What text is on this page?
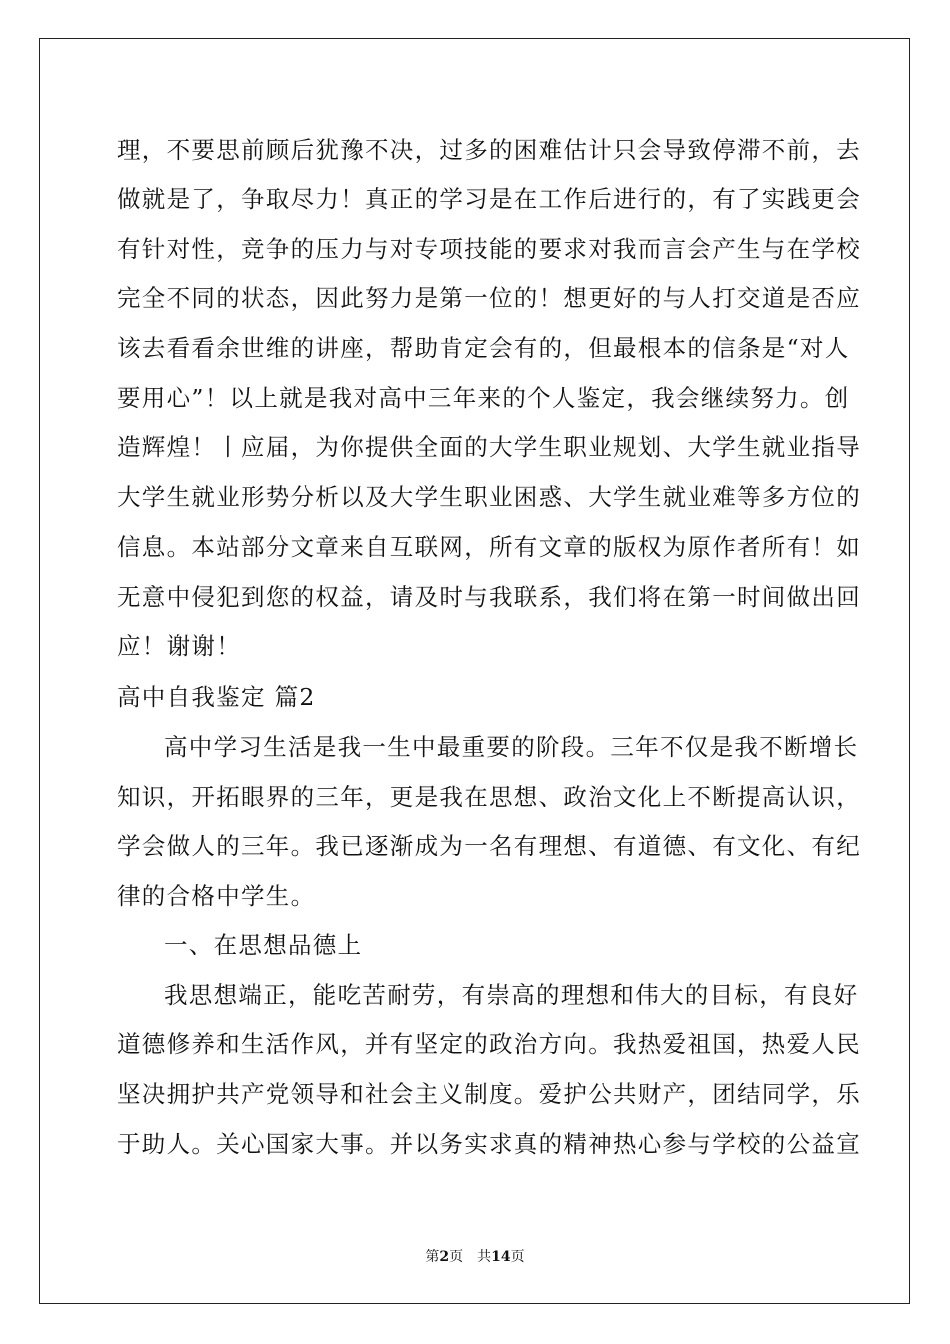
理，不要思前顾后犹豫不决，过多的困难估计只会导致停滞不前，去
做就是了，争取尽力！真正的学习是在工作后进行的，有了实践更会
有针对性，竞争的压力与对专项技能的要求对我而言会产生与在学校
完全不同的状态，因此努力是第一位的！想更好的与人打交道是否应
该去看看余世维的讲座，帮助肯定会有的，但最根本的信条是“对人
要用心”！以上就是我对高中三年来的个人鉴定，我会继续努力。创
造辉煌！丨应届，为你提供全面的大学生职业规划、大学生就业指导
大学生就业形势分析以及大学生职业困惑、大学生就业难等多方位的
信息。本站部分文章来自互联网，所有文章的版权为原作者所有！如
无意中侵犯到您的权益，请及时与我联系，我们将在第一时间做出回
应！谢谢！
高中自我鉴定 篇2
高中学习生活是我一生中最重要的阶段。三年不仅是我不断增长
知识，开拓眼界的三年，更是我在思想、政治文化上不断提高认识，
学会做人的三年。我已逐渐成为一名有理想、有道德、有文化、有纪
律的合格中学生。
一、在思想品德上
我思想端正，能吃苦耐劳，有崇高的理想和伟大的目标，有良好
道德修养和生活作风，并有坚定的政治方向。我热爱祖国，热爱人民
坚决拥护共产党领导和社会主义制度。爱护公共财产，团结同学，乐
于助人。关心国家大事。并以务实求真的精神热心参与学校的公益宣
第2页　共14页
